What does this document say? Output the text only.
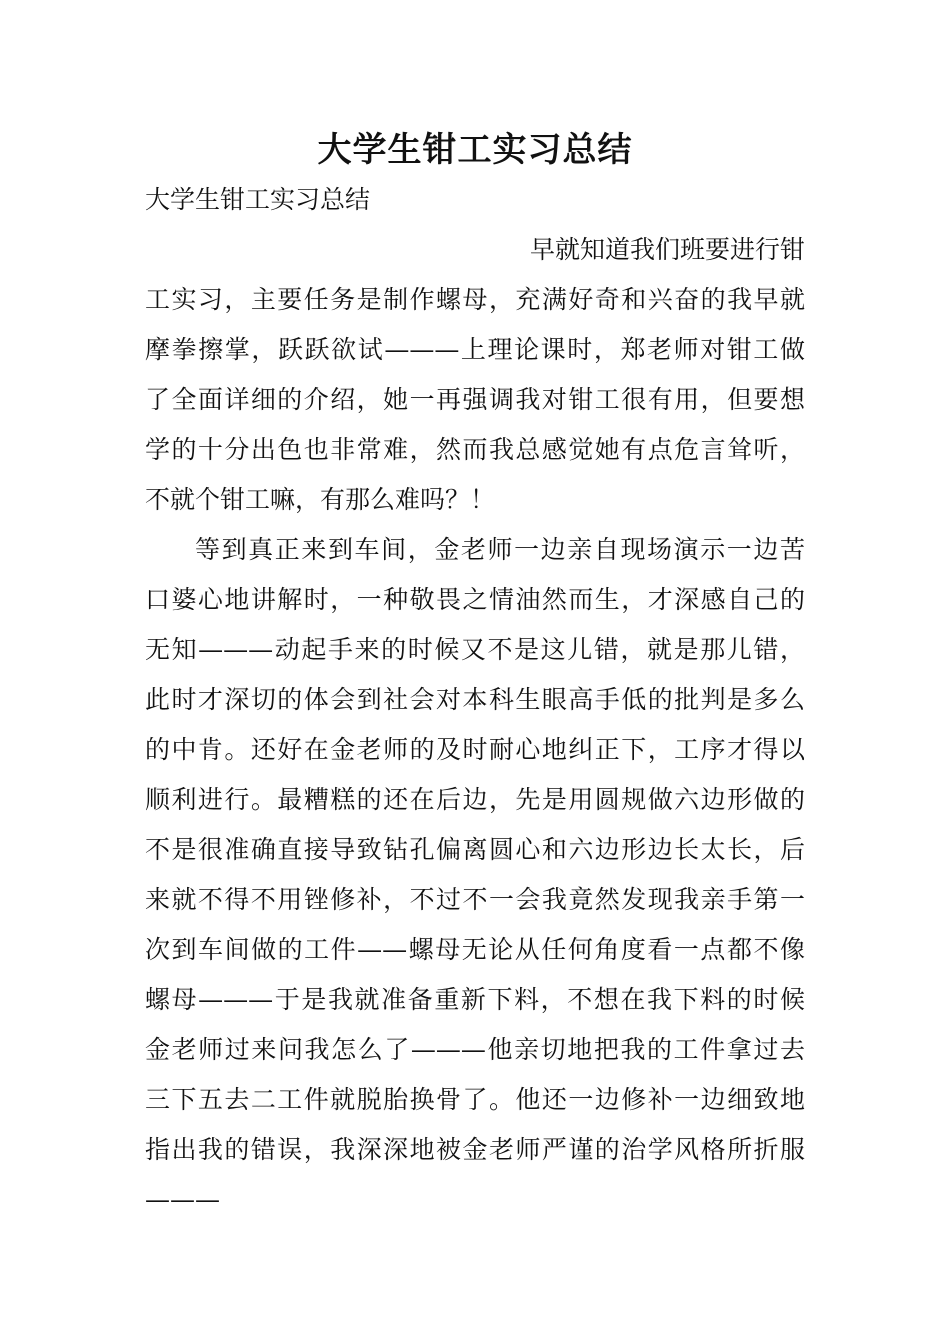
大学生钳工实习总结
大学生钳工实习总结
早就知道我们班要进行钳
工实习，主要任务是制作螺母，充满好奇和兴奋的我早就
摩拳擦掌，跃跃欲试———上理论课时，郑老师对钳工做
了全面详细的介绍，她一再强调我对钳工很有用，但要想
学的十分出色也非常难，然而我总感觉她有点危言耸听，
不就个钳工嘛，有那么难吗？！
等到真正来到车间，金老师一边亲自现场演示一边苦
口婆心地讲解时，一种敬畏之情油然而生，才深感自己的
无知———动起手来的时候又不是这儿错，就是那儿错，
此时才深切的体会到社会对本科生眼高手低的批判是多么
的中肯。还好在金老师的及时耐心地纠正下，工序才得以
顺利进行。最糟糕的还在后边，先是用圆规做六边形做的
不是很准确直接导致钻孔偏离圆心和六边形边长太长，后
来就不得不用锉修补，不过不一会我竟然发现我亲手第一
次到车间做的工件——螺母无论从任何角度看一点都不像
螺母———于是我就准备重新下料，不想在我下料的时候
金老师过来问我怎么了———他亲切地把我的工件拿过去
三下五去二工件就脱胎换骨了。他还一边修补一边细致地
指出我的错误，我深深地被金老师严谨的治学风格所折服
———
